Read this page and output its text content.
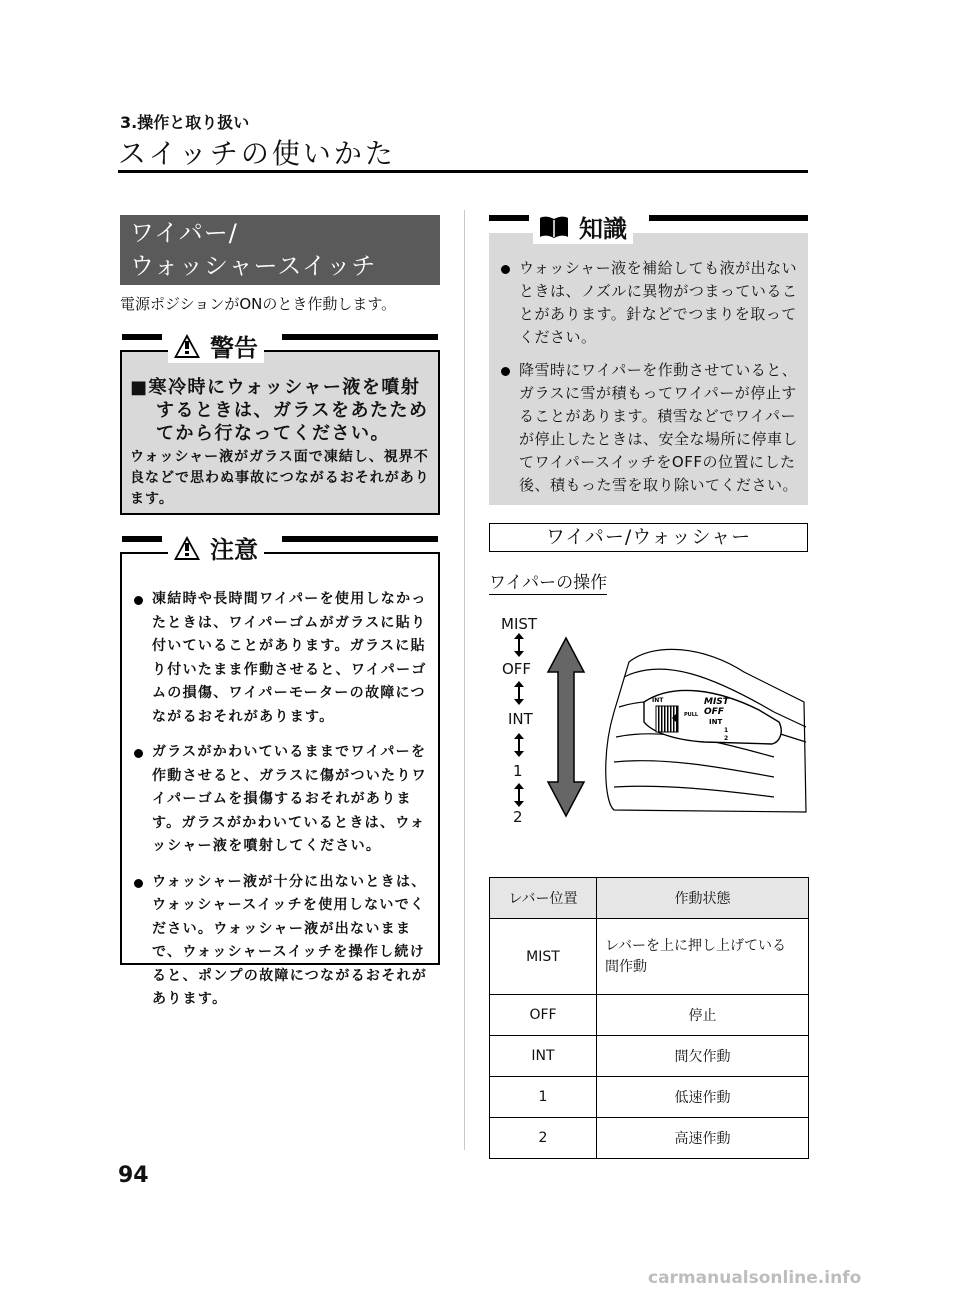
3.操作と取り扱い
スイッチの使いかた
ワイパー/
ウォッシャースイッチ
電源ポジションがONのとき作動します。
警告
■寒冷時にウォッシャー液を噴射するときは、ガラスをあたためてから行なってください。
ウォッシャー液がガラス面で凍結し、視界不良などで思わぬ事故につながるおそれがあります。
注意
凍結時や長時間ワイパーを使用しなかったときは、ワイパーゴムがガラスに貼り付いていることがあります。ガラスに貼り付いたまま作動させると、ワイパーゴムの損傷、ワイパーモーターの故障につながるおそれがあります。
ガラスがかわいているままでワイパーを作動させると、ガラスに傷がついたりワイパーゴムを損傷するおそれがあります。ガラスがかわいているときは、ウォッシャー液を噴射してください。
ウォッシャー液が十分に出ないときは、ウォッシャースイッチを使用しないでください。ウォッシャー液が出ないままで、ウォッシャースイッチを操作し続けると、ポンプの故障につながるおそれがあります。
知識
ウォッシャー液を補給しても液が出ないときは、ノズルに異物がつまっていることがあります。針などでつまりを取ってください。
降雪時にワイパーを作動させていると、ガラスに雪が積もってワイパーが停止することがあります。積雪などでワイパーが停止したときは、安全な場所に停車してワイパースイッチをOFFの位置にした後、積もった雪を取り除いてください。
ワイパー/ウォッシャー
ワイパーの操作
MIST
OFF
INT
1
2
MIST
OFF
INT
1
2
PULL
INT
レバー位置	作動状態
MIST	レバーを上に押し上げている間作動
OFF	停止
INT	間欠作動
1	低速作動
2	高速作動
94
carmanualsonline.info
